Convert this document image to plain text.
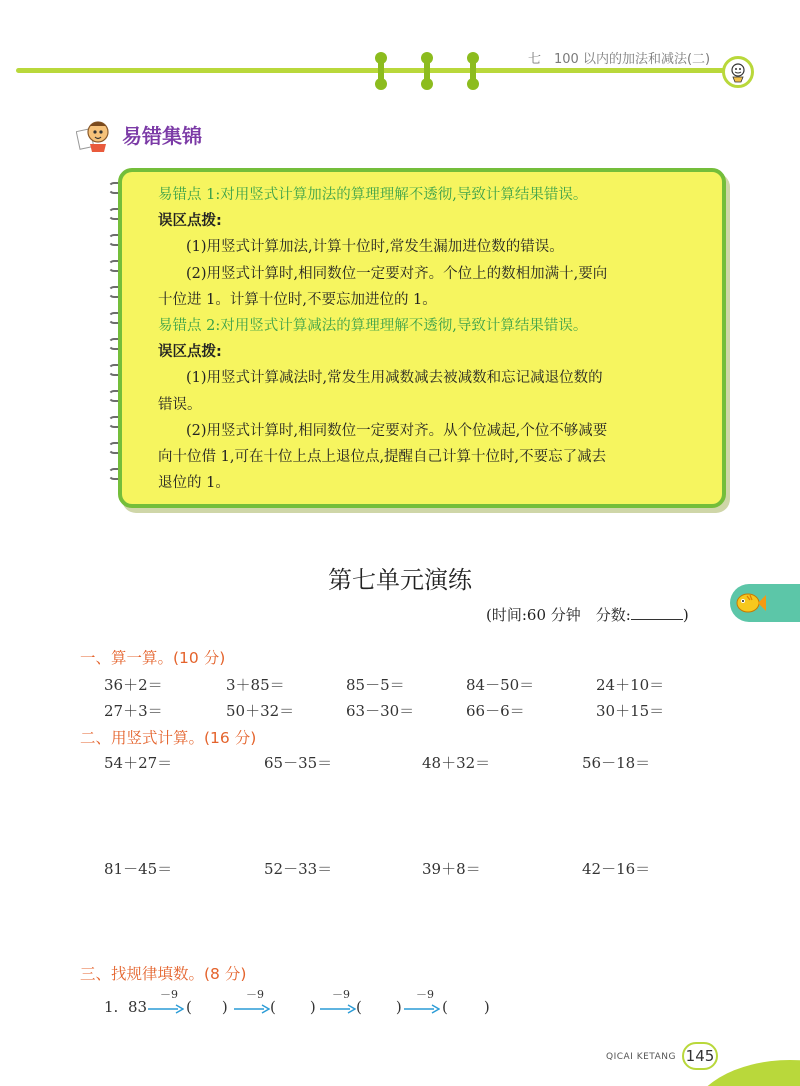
七　100 以内的加法和减法(二)
易错集锦
易错点 1:对用竖式计算加法的算理理解不透彻,导致计算结果错误。
误区点拨:
(1)用竖式计算加法,计算十位时,常发生漏加进位数的错误。
(2)用竖式计算时,相同数位一定要对齐。个位上的数相加满十,要向
十位进 1。计算十位时,不要忘加进位的 1。
易错点 2:对用竖式计算减法的算理理解不透彻,导致计算结果错误。
误区点拨:
(1)用竖式计算减法时,常发生用减数减去被减数和忘记减退位数的
错误。
(2)用竖式计算时,相同数位一定要对齐。从个位减起,个位不够减要
向十位借 1,可在十位上点上退位点,提醒自己计算十位时,不要忘了减去
退位的 1。
第七单元演练
(时间:60 分钟　分数:	)
一、算一算。(10 分)
36＋2＝	3＋85＝	85－5＝	84－50＝	24＋10＝
27＋3＝	50＋32＝	63－30＝	66－6＝	30＋15＝
二、用竖式计算。(16 分)
54＋27＝	65－35＝	48＋32＝	56－18＝
81－45＝	52－33＝	39＋8＝	42－16＝
三、找规律填数。(8 分)
1. 83
－9
( )
－9
( )
－9
( )
－9
( )
QICAI KETANG 145
